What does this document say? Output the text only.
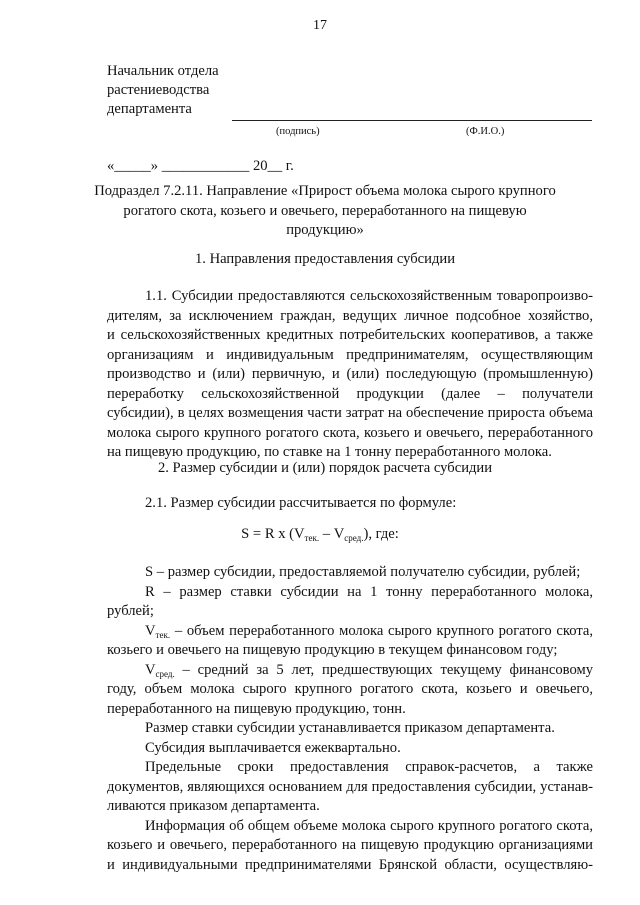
17
Начальник отдела
растениеводства
департамента
(подпись)	(Ф.И.О.)
«_____» ____________ 20__ г.
Подраздел 7.2.11. Направление «Прирост объема молока сырого крупного
рогатого скота, козьего и овечьего, переработанного на пищевую
продукцию»
1. Направления предоставления субсидии
1.1. Субсидии предоставляются сельскохозяйственным товаропроизво-
дителям, за исключением граждан, ведущих личное подсобное хозяйство,
и сельскохозяйственных кредитных потребительских кооперативов, а также
организациям и индивидуальным предпринимателям, осуществляющим
производство и (или) первичную, и (или) последующую (промышленную)
переработку сельскохозяйственной продукции (далее – получатели
субсидии), в целях возмещения части затрат на обеспечение прироста объема
молока сырого крупного рогатого скота, козьего и овечьего, переработанного
на пищевую продукцию, по ставке на 1 тонну переработанного молока.
2. Размер субсидии и (или) порядок расчета субсидии
2.1. Размер субсидии рассчитывается по формуле:
S = R x $(V_{тек.} - V_{сред.})$, где:
S – размер субсидии, предоставляемой получателю субсидии, рублей;
R – размер ставки субсидии на 1 тонну переработанного молока,
рублей;
$V_{тек.}$ – объем переработанного молока сырого крупного рогатого скота,
козьего и овечьего на пищевую продукцию в текущем финансовом году;
$V_{сред.}$ – средний за 5 лет, предшествующих текущему финансовому
году, объем молока сырого крупного рогатого скота, козьего и овечьего,
переработанного на пищевую продукцию, тонн.
Размер ставки субсидии устанавливается приказом департамента.
Субсидия выплачивается ежеквартально.
Предельные сроки предоставления справок-расчетов, а также
документов, являющихся основанием для предоставления субсидии, устанав-
ливаются приказом департамента.
Информация об общем объеме молока сырого крупного рогатого скота,
козьего и овечьего, переработанного на пищевую продукцию организациями
и индивидуальными предпринимателями Брянской области, осуществляю-
